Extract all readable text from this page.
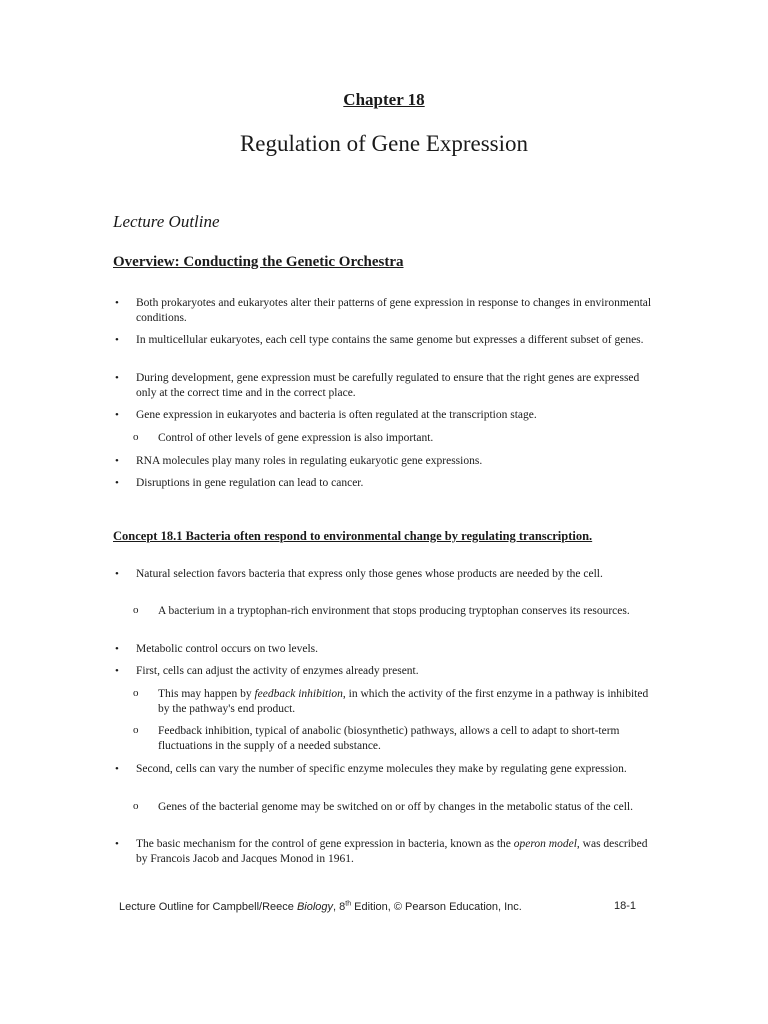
Chapter 18
Regulation of Gene Expression
Lecture Outline
Overview: Conducting the Genetic Orchestra
• Both prokaryotes and eukaryotes alter their patterns of gene expression in response to changes in environmental conditions.
• In multicellular eukaryotes, each cell type contains the same genome but expresses a different subset of genes.
• During development, gene expression must be carefully regulated to ensure that the right genes are expressed only at the correct time and in the correct place.
• Gene expression in eukaryotes and bacteria is often regulated at the transcription stage.
o Control of other levels of gene expression is also important.
• RNA molecules play many roles in regulating eukaryotic gene expressions.
• Disruptions in gene regulation can lead to cancer.
Concept 18.1 Bacteria often respond to environmental change by regulating transcription.
• Natural selection favors bacteria that express only those genes whose products are needed by the cell.
o A bacterium in a tryptophan-rich environment that stops producing tryptophan conserves its resources.
• Metabolic control occurs on two levels.
• First, cells can adjust the activity of enzymes already present.
o This may happen by feedback inhibition, in which the activity of the first enzyme in a pathway is inhibited by the pathway's end product.
o Feedback inhibition, typical of anabolic (biosynthetic) pathways, allows a cell to adapt to short-term fluctuations in the supply of a needed substance.
• Second, cells can vary the number of specific enzyme molecules they make by regulating gene expression.
o Genes of the bacterial genome may be switched on or off by changes in the metabolic status of the cell.
• The basic mechanism for the control of gene expression in bacteria, known as the operon model, was described by Francois Jacob and Jacques Monod in 1961.
Lecture Outline for Campbell/Reece Biology, 8th Edition, © Pearson Education, Inc.	18-1
